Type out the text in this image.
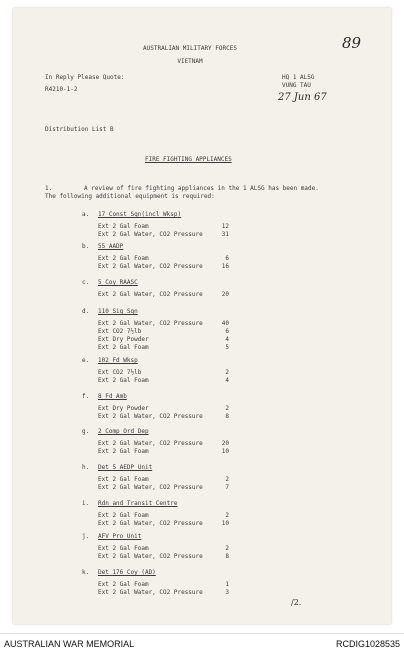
AUSTRALIAN MILITARY FORCES
VIETNAM
In Reply Please Quote:
R4210-1-2
HQ 1 ALSG
VUNG TAU
27 Jun 67
89
Distribution List B
FIRE FIGHTING APPLIANCES
1.	A review of fire fighting appliances in the 1 ALSG has been made.
The following additional equipment is required:
a. 17 Const Sqn(incl Wksp)
Ext 2 Gal Foam	12
Ext 2 Gal Water, CO2 Pressure	31
b. 55 AADP
Ext 2 Gal Foam	6
Ext 2 Gal Water, CO2 Pressure	16
c. 5 Coy RAASC
Ext 2 Gal Water, CO2 Pressure	20
d. 110 Sig Sqn
Ext 2 Gal Water, CO2 Pressure	40
Ext CO2 7½lb	6
Ext Dry Powder	4
Ext 2 Gal Foam	5
e. 102 Fd Wksp
Ext CO2 7½lb	2
Ext 2 Gal Foam	4
f. 8 Fd Amb
Ext Dry Powder	2
Ext 2 Gal Water, CO2 Pressure	8
g. 2 Comp Ord Dep
Ext 2 Gal Water, CO2 Pressure	20
Ext 2 Gal Foam	10
h. Det 5 AEDP Unit
Ext 2 Gal Foam	2
Ext 2 Gal Water, CO2 Pressure	7
i. Rdn and Transit Centre
Ext 2 Gal Foam	2
Ext 2 Gal Water, CO2 Pressure	10
j. AFV Pro Unit
Ext 2 Gal Foam	2
Ext 2 Gal Water, CO2 Pressure	8
k. Det 176 Coy (AD)
Ext 2 Gal Foam	1
Ext 2 Gal Water, CO2 Pressure	3
/2.
AUSTRALIAN WAR MEMORIAL	RCDIG1028535
